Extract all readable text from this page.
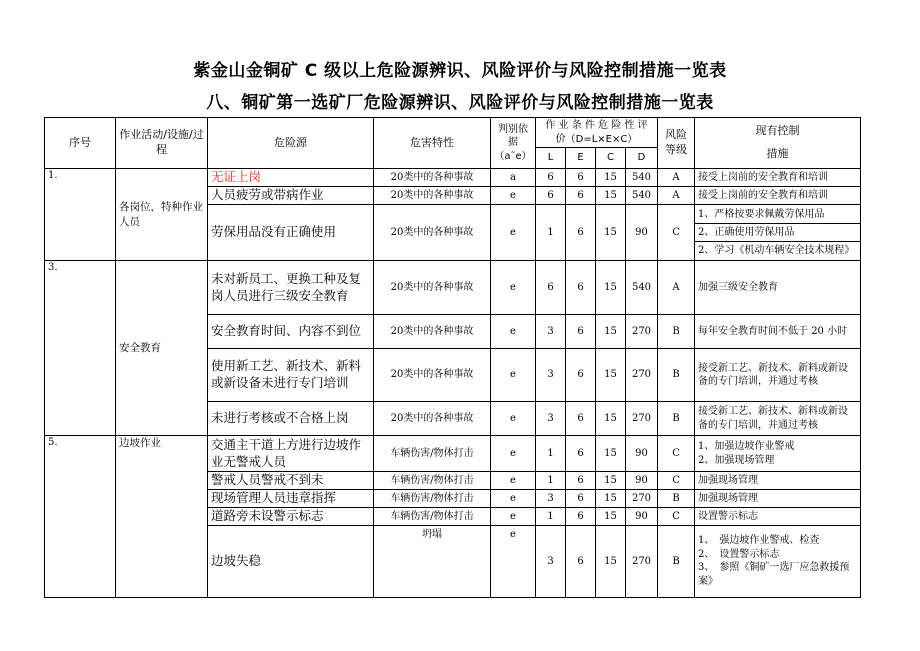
紫金山金铜矿 C 级以上危险源辨识、风险评价与风险控制措施一览表
八、铜矿第一选矿厂危险源辨识、风险评价与风险控制措施一览表
序号	作业活动/设施/过程	危险源	危害特性	判别依据（a˜e）	作 业 条 件 危 险 性 评 价（D=L×E×C）				风险等级	现有控制
措施

					L	E	C	D		
1.	各岗位，特种作业人员	无证上岗	20类中的各种事故	a	6	6	15	540	A	接受上岗前的安全教育和培训
		人员疲劳或带病作业	20类中的各种事故	e	6	6	15	540	A	接受上岗前的安全教育和培训
		劳保用品没有正确使用	20类中的各种事故	e	1	6	15	90	C	1、严格按要求佩戴劳保用品
2、正确使用劳保用品
2、学习《机动车辆安全技术规程》

3.	安全教育	未对新员工、更换工种及复岗人员进行三级安全教育	20类中的各种事故	e	6	6	15	540	A	加强三级安全教育
		安全教育时间、内容不到位	20类中的各种事故	e	3	6	15	270	B	每年安全教育时间不低于 20 小时
		使用新工艺、新技术、新料或新设备未进行专门培训	20类中的各种事故	e	3	6	15	270	B	接受新工艺、新技术、新料或新设备的专门培训，并通过考核
		未进行考核或不合格上岗	20类中的各种事故	e	3	6	15	270	B	接受新工艺、新技术、新料或新设备的专门培训，并通过考核
5.	边坡作业	交通主干道上方进行边坡作业无警戒人员	车辆伤害/物体打击	e	1	6	15	90	C	1、加强边坡作业警戒
2、加强现场管理

		警戒人员警戒不到未	车辆伤害/物体打击	e	1	6	15	90	C	加强现场管理
		现场管理人员违章指挥	车辆伤害/物体打击	e	3	6	15	270	B	加强现场管理
		道路旁未设警示标志	车辆伤害/物体打击	e	1	6	15	90	C	设置警示标志
		边坡失稳	坍塌	e	3	6	15	270	B	1、　强边坡作业警戒、检查
2、　设置警示标志
3、　参照《铜矿一选厂应急救援预案》
